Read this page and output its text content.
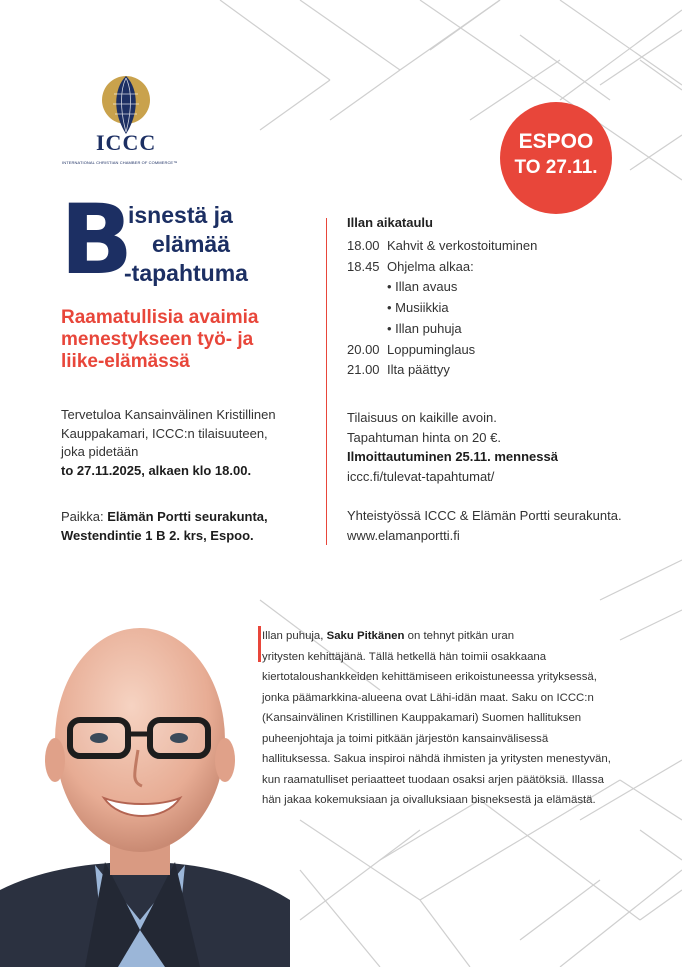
ICCC
INTERNATIONAL CHRISTIAN CHAMBER OF COMMERCE™
ESPOO
TO 27.11.
B
isnestä ja
elämää
-tapahtuma
Raamatullisia avaimia
menestykseen työ- ja
liike-elämässä
Tervetuloa Kansainvälinen Kristillinen
Kauppakamari, ICCC:n tilaisuuteen,
joka pidetään
to 27.11.2025, alkaen klo 18.00.
Paikka: Elämän Portti seurakunta,
Westendintie 1 B 2. krs, Espoo.
Illan aikataulu
18.00 Kahvit & verkostoituminen
18.45 Ohjelma alkaa:
• Illan avaus
• Musiikkia
• Illan puhuja
20.00 Loppuminglaus
21.00 Ilta päättyy
Tilaisuus on kaikille avoin.
Tapahtuman hinta on 20 €.
Ilmoittautuminen 25.11. mennessä
iccc.fi/tulevat-tapahtumat/
Yhteistyössä ICCC & Elämän Portti seurakunta.
www.elamanportti.fi
Illan puhuja, Saku Pitkänen on tehnyt pitkän uran
yritysten kehittäjänä. Tällä hetkellä hän toimii osakkaana
kiertotaloushankkeiden kehittämiseen erikoistuneessa yrityksessä,
jonka päämarkkina-alueena ovat Lähi-idän maat. Saku on ICCC:n
(Kansainvälinen Kristillinen Kauppakamari) Suomen hallituksen
puheenjohtaja ja toimi pitkään järjestön kansainvälisessä
hallituksessa. Sakua inspiroi nähdä ihmisten ja yritysten menestyvän,
kun raamatulliset periaatteet tuodaan osaksi arjen päätöksiä. Illassa
hän jakaa kokemuksiaan ja oivalluksiaan bisneksestä ja elämästä.
